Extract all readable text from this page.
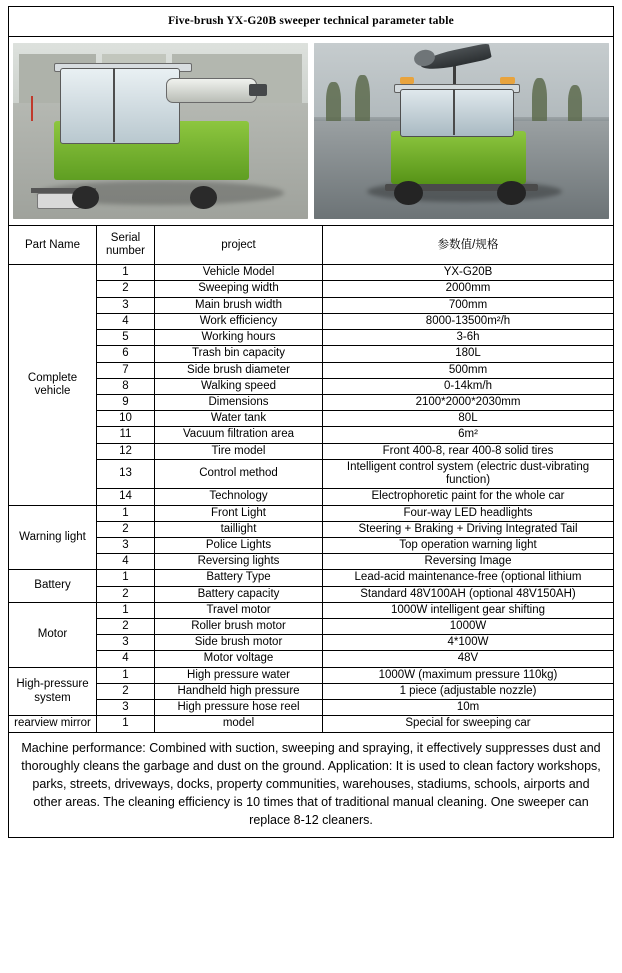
Five-brush YX-G20B sweeper technical parameter table			

Part Name	Serial number	project	参数值/规格
Complete vehicle	1	Vehicle Model	YX-G20B
	2	Sweeping width	2000mm
	3	Main brush width	700mm
	4	Work efficiency	8000-13500m²/h
	5	Working hours	3-6h
	6	Trash bin capacity	180L
	7	Side brush diameter	500mm
	8	Walking speed	0-14km/h
	9	Dimensions	2100*2000*2030mm
	10	Water tank	80L
	11	Vacuum filtration area	6m²
	12	Tire model	Front 400-8, rear 400-8 solid tires
	13	Control method	Intelligent control system (electric dust-vibrating function)
	14	Technology	Electrophoretic paint for the whole car
Warning light	1	Front Light	Four-way LED headlights
	2	taillight	Steering + Braking + Driving Integrated Tail
	3	Police Lights	Top operation warning light
	4	Reversing lights	Reversing Image
Battery	1	Battery Type	Lead-acid maintenance-free (optional lithium
	2	Battery capacity	Standard 48V100AH (optional 48V150AH)
Motor	1	Travel motor	1000W intelligent gear shifting
	2	Roller brush motor	1000W
	3	Side brush motor	4*100W
	4	Motor voltage	48V
High-pressure system	1	High pressure water	1000W (maximum pressure 110kg)
	2	Handheld high pressure	1 piece (adjustable nozzle)
	3	High pressure hose reel	10m
rearview mirror	1	model	Special for sweeping car
Machine performance: Combined with suction, sweeping and spraying, it effectively suppresses dust and thoroughly cleans the garbage and dust on the ground. Application: It is used to clean factory workshops, parks, streets, driveways, docks, property communities, warehouses, stadiums, schools, airports and other areas. The cleaning efficiency is 10 times that of traditional manual cleaning. One sweeper can replace 8-12 cleaners.
